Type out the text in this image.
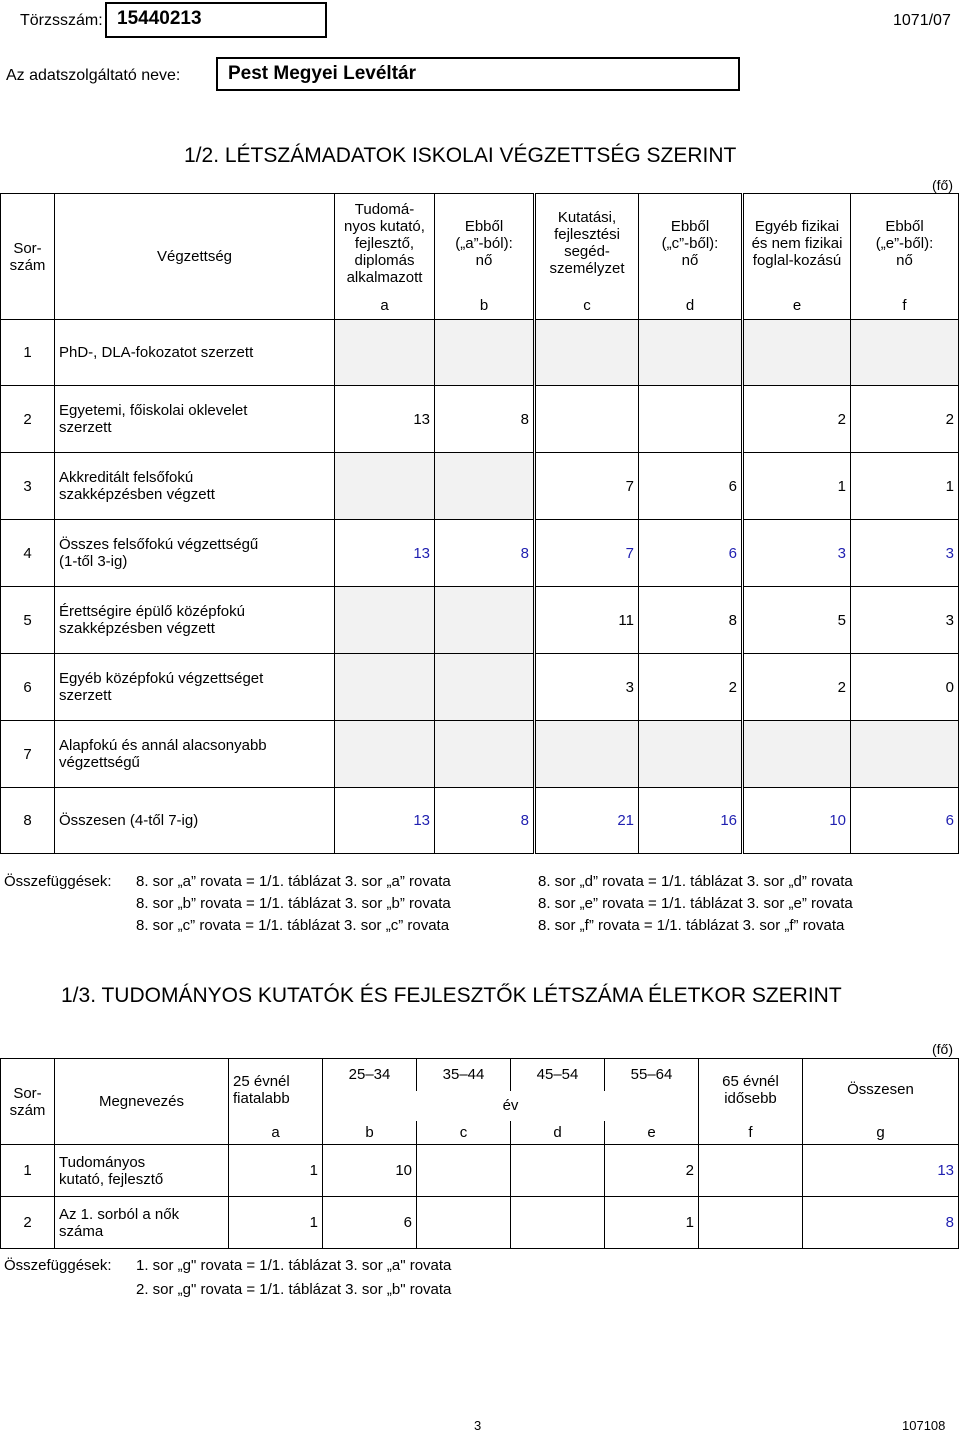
Törzsszám: 15440213	1071/07
Az adatszolgáltató neve:	Pest Megyei Levéltár
1/2. LÉTSZÁMADATOK ISKOLAI VÉGZETTSÉG SZERINT
(fő)
Sor-
szám	Végzettség	Tudomá-
nyos kutató,
fejlesztő,
diplomás
alkalmazott	Ebből
(„a”-ból):
nő	Kutatási,
fejlesztési
segéd-
személyzet	Ebből
(„c”-ből):
nő	Egyéb fizikai
és nem fizikai
foglal-kozású	Ebből
(„e”-ből):
nő
		a	b	c	d	e	f
1	PhD-, DLA-fokozatot szerzett						
2	Egyetemi, főiskolai oklevelet
szerzett	13	8			2	2
3	Akkreditált felsőfokú
szakképzésben végzett			7	6	1	1
4	Összes felsőfokú végzettségű
(1-től 3-ig)	13	8	7	6	3	3
5	Érettségire épülő középfokú
szakképzésben végzett			11	8	5	3
6	Egyéb középfokú végzettséget
szerzett			3	2	2	0
7	Alapfokú és annál alacsonyabb
végzettségű						
8	Összesen (4-től 7-ig)	13	8	21	16	10	6
Összefüggések: 8. sor „a” rovata = 1/1. táblázat 3. sor „a” rovata
8. sor „b” rovata = 1/1. táblázat 3. sor „b” rovata
8. sor „c” rovata = 1/1. táblázat 3. sor „c” rovata
8. sor „d” rovata = 1/1. táblázat 3. sor „d” rovata
8. sor „e” rovata = 1/1. táblázat 3. sor „e” rovata
8. sor „f” rovata = 1/1. táblázat 3. sor „f” rovata
1/3. TUDOMÁNYOS KUTATÓK ÉS FEJLESZTŐK LÉTSZÁMA ÉLETKOR SZERINT
(fő)
Sor-
szám	Megnevezés	25 évnél
fiatalabb	25–34	35–44	45–54	55–64	65 évnél
idősebb	Összesen
			év					
		a	b	c	d	e	f	g
1	Tudományos
kutató, fejlesztő	1	10			2		13
2	Az 1. sorból a nők
száma	1	6			1		8
Összefüggések: 1. sor „g" rovata = 1/1. táblázat 3. sor „a" rovata
2. sor „g" rovata = 1/1. táblázat 3. sor „b" rovata
3	107108
